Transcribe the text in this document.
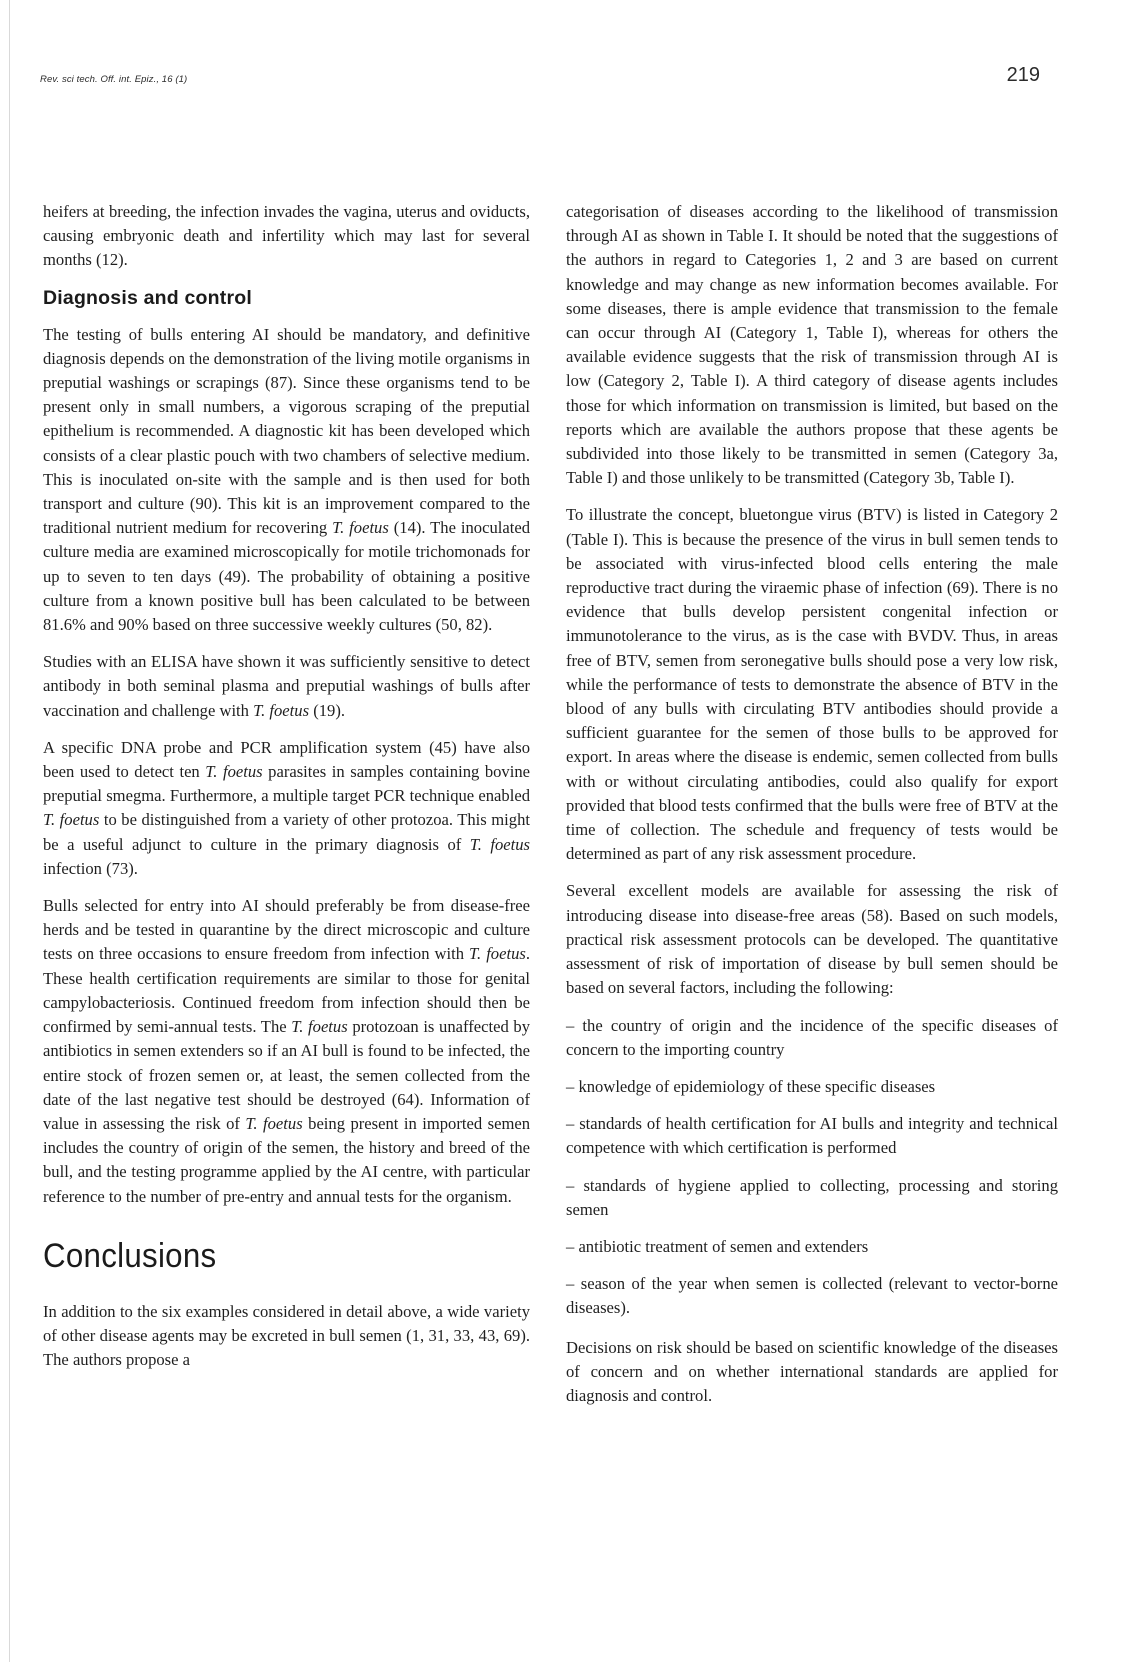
Rev. sci tech. Off. int. Epiz., 16 (1)	219

heifers at breeding, the infection invades the vagina, uterus and oviducts, causing embryonic death and infertility which may last for several months (12).

Diagnosis and control

The testing of bulls entering AI should be mandatory, and definitive diagnosis depends on the demonstration of the living motile organisms in preputial washings or scrapings (87). Since these organisms tend to be present only in small numbers, a vigorous scraping of the preputial epithelium is recommended. A diagnostic kit has been developed which consists of a clear plastic pouch with two chambers of selective medium. This is inoculated on-site with the sample and is then used for both transport and culture (90). This kit is an improvement compared to the traditional nutrient medium for recovering T. foetus (14). The inoculated culture media are examined microscopically for motile trichomonads for up to seven to ten days (49). The probability of obtaining a positive culture from a known positive bull has been calculated to be between 81.6% and 90% based on three successive weekly cultures (50, 82).

Studies with an ELISA have shown it was sufficiently sensitive to detect antibody in both seminal plasma and preputial washings of bulls after vaccination and challenge with T. foetus (19).

A specific DNA probe and PCR amplification system (45) have also been used to detect ten T. foetus parasites in samples containing bovine preputial smegma. Furthermore, a multiple target PCR technique enabled T. foetus to be distinguished from a variety of other protozoa. This might be a useful adjunct to culture in the primary diagnosis of T. foetus infection (73).

Bulls selected for entry into AI should preferably be from disease-free herds and be tested in quarantine by the direct microscopic and culture tests on three occasions to ensure freedom from infection with T. foetus. These health certification requirements are similar to those for genital campylobacteriosis. Continued freedom from infection should then be confirmed by semi-annual tests. The T. foetus protozoan is unaffected by antibiotics in semen extenders so if an AI bull is found to be infected, the entire stock of frozen semen or, at least, the semen collected from the date of the last negative test should be destroyed (64). Information of value in assessing the risk of T. foetus being present in imported semen includes the country of origin of the semen, the history and breed of the bull, and the testing programme applied by the AI centre, with particular reference to the number of pre-entry and annual tests for the organism.

Conclusions

In addition to the six examples considered in detail above, a wide variety of other disease agents may be excreted in bull semen (1, 31, 33, 43, 69). The authors propose a

categorisation of diseases according to the likelihood of transmission through AI as shown in Table I. It should be noted that the suggestions of the authors in regard to Categories 1, 2 and 3 are based on current knowledge and may change as new information becomes available. For some diseases, there is ample evidence that transmission to the female can occur through AI (Category 1, Table I), whereas for others the available evidence suggests that the risk of transmission through AI is low (Category 2, Table I). A third category of disease agents includes those for which information on transmission is limited, but based on the reports which are available the authors propose that these agents be subdivided into those likely to be transmitted in semen (Category 3a, Table I) and those unlikely to be transmitted (Category 3b, Table I).

To illustrate the concept, bluetongue virus (BTV) is listed in Category 2 (Table I). This is because the presence of the virus in bull semen tends to be associated with virus-infected blood cells entering the male reproductive tract during the viraemic phase of infection (69). There is no evidence that bulls develop persistent congenital infection or immunotolerance to the virus, as is the case with BVDV. Thus, in areas free of BTV, semen from seronegative bulls should pose a very low risk, while the performance of tests to demonstrate the absence of BTV in the blood of any bulls with circulating BTV antibodies should provide a sufficient guarantee for the semen of those bulls to be approved for export. In areas where the disease is endemic, semen collected from bulls with or without circulating antibodies, could also qualify for export provided that blood tests confirmed that the bulls were free of BTV at the time of collection. The schedule and frequency of tests would be determined as part of any risk assessment procedure.

Several excellent models are available for assessing the risk of introducing disease into disease-free areas (58). Based on such models, practical risk assessment protocols can be developed. The quantitative assessment of risk of importation of disease by bull semen should be based on several factors, including the following:

– the country of origin and the incidence of the specific diseases of concern to the importing country

– knowledge of epidemiology of these specific diseases

– standards of health certification for AI bulls and integrity and technical competence with which certification is performed

– standards of hygiene applied to collecting, processing and storing semen

– antibiotic treatment of semen and extenders

– season of the year when semen is collected (relevant to vector-borne diseases).

Decisions on risk should be based on scientific knowledge of the diseases of concern and on whether international standards are applied for diagnosis and control.
